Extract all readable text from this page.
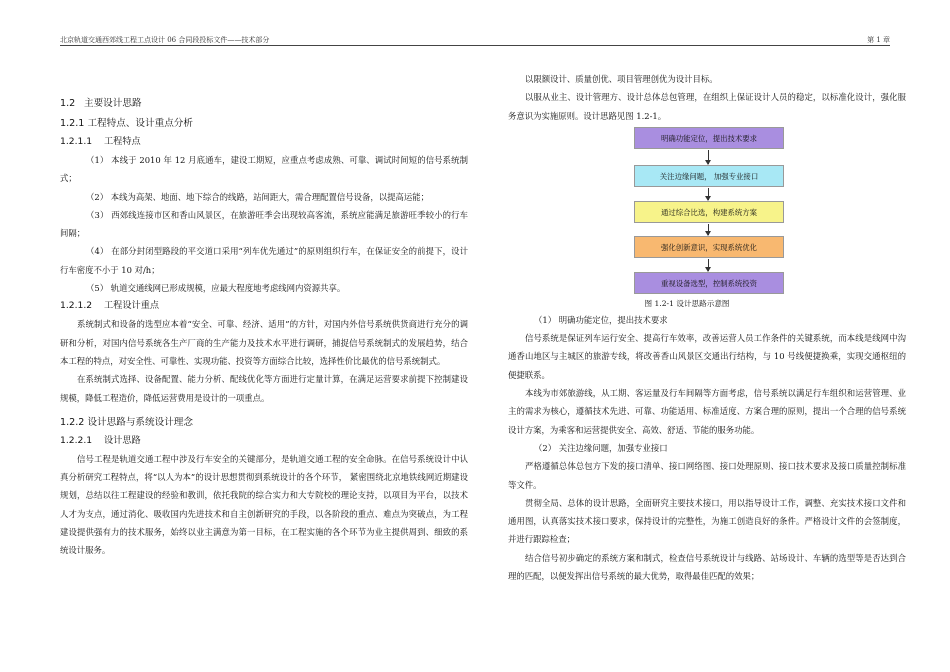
北京轨道交通西郊线工程工点设计 06 合同段投标文件——技术部分	第 1 章
1.2 主要设计思路
1.2.1 工程特点、设计重点分析
1.2.1.1 工程特点

（1） 本线于 2010 年 12 月底通车，建设工期短，应重点考虑成熟、可靠、调试时间短的信号系统制式；

（2） 本线为高架、地面、地下综合的线路，站间距大，需合理配置信号设备，以提高运能；

（3） 西郊线连接市区和香山风景区，在旅游旺季会出现较高客流，系统应能满足旅游旺季较小的行车间隔；

（4） 在部分封闭型路段的平交道口采用“列车优先通过”的原则组织行车，在保证安全的前提下，设计行车密度不小于 10 对/h；

（5） 轨道交通线网已形成规模，应最大程度地考虑线网内资源共享。

1.2.1.2 工程设计重点

系统制式和设备的选型应本着“安全、可靠、经济、适用”的方针，对国内外信号系统供货商进行充分的调研和分析，对国内信号系统各生产厂商的生产能力及技术水平进行调研，捕捉信号系统制式的发展趋势，结合本工程的特点，对安全性、可靠性、实现功能、投资等方面综合比较，选择性价比最优的信号系统制式。

在系统制式选择、设备配置、能力分析、配线优化等方面进行定量计算，在满足运营要求前提下控制建设规模，降低工程造价，降低运营费用是设计的一项重点。

1.2.2 设计思路与系统设计理念
1.2.2.1 设计思路

信号工程是轨道交通工程中涉及行车安全的关键部分，是轨道交通工程的安全命脉。在信号系统设计中认真分析研究工程特点，将“以人为本”的设计思想贯彻到系统设计的各个环节， 紧密围绕北京地铁线网近期建设规划，总结以往工程建设的经验和教训，依托我院的综合实力和大专院校的理论支持，以项目为平台，以技术人才为支点，通过消化、吸收国内先进技术和自主创新研究的手段，以各阶段的重点、难点为突破点，为工程建设提供强有力的技术服务，始终以业主满意为第一目标，在工程实施的各个环节为业主提供周到、细致的系统设计服务。

以限额设计、质量创优、项目管理创优为设计目标。

以服从业主、设计管理方、设计总体总包管理，在组织上保证设计人员的稳定，以标准化设计，强化服务意识为实施原则。设计思路见图 1.2-1。

明确功能定位，提出技术要求
关注边缘问题， 加强专业接口
通过综合比选，构建系统方案
强化创新意识，实现系统优化
重视设备选型，控制系统投资
图 1.2-1 设计思路示意图

（1） 明确功能定位，提出技术要求

信号系统是保证列车运行安全、提高行车效率，改善运营人员工作条件的关键系统，而本线是线网中沟通香山地区与主城区的旅游专线，将改善香山风景区交通出行结构，与 10 号线便捷换乘，实现交通枢纽的便捷联系。

本线为市郊旅游线，从工期、客运量及行车间隔等方面考虑，信号系统以满足行车组织和运营管理、业主的需求为核心，遵循技术先进、可靠、功能适用、标准适度、方案合理的原则，提出一个合理的信号系统设计方案，为乘客和运营提供安全、高效、舒适、节能的服务功能。

（2） 关注边缘问题，加强专业接口

严格遵循总体总包方下发的接口清单、接口网络图、接口处理原则、接口技术要求及接口质量控制标准等文件。

贯彻全局、总体的设计思路，全面研究主要技术接口，用以指导设计工作，调整、充实技术接口文件和通用图，认真落实技术接口要求，保持设计的完整性，为施工创造良好的条件。严格设计文件的会签制度，并进行跟踪检查；

结合信号初步确定的系统方案和制式，检查信号系统设计与线路、站场设计、车辆的选型等是否达到合理的匹配，以便发挥出信号系统的最大优势，取得最佳匹配的效果；
